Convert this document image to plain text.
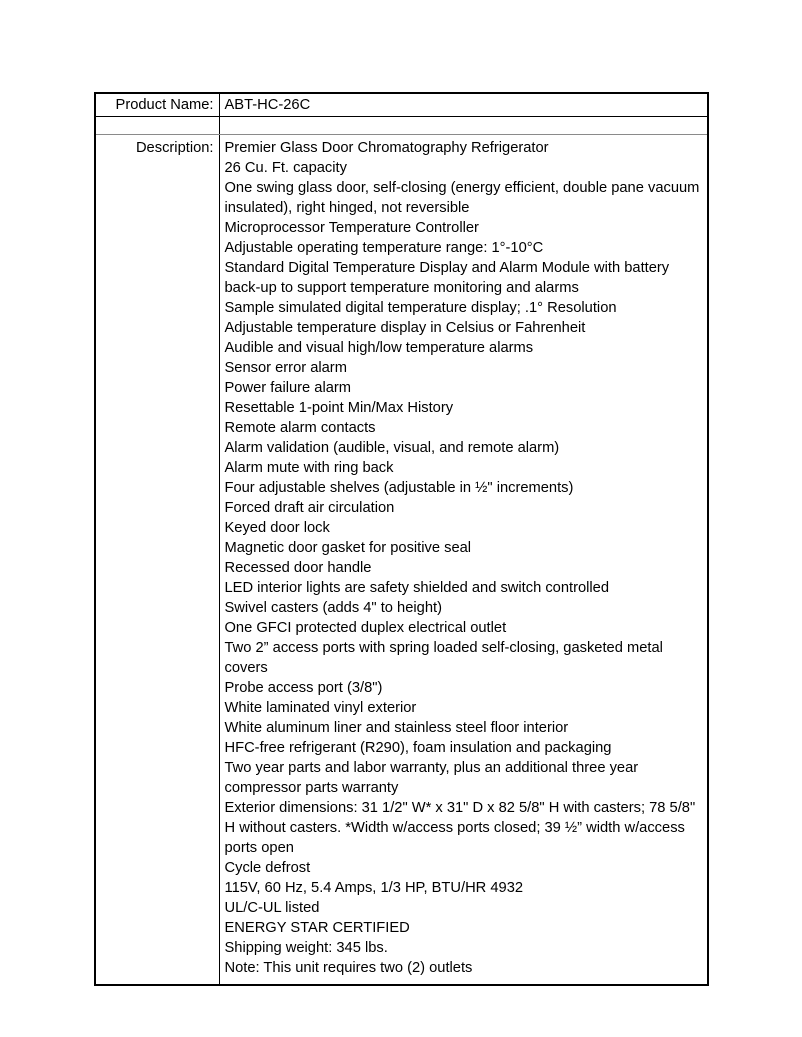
Product Name:	ABT-HC-26C

Description:	Premier Glass Door Chromatography Refrigerator
26 Cu. Ft. capacity
One swing glass door, self-closing (energy efficient, double pane vacuum insulated), right hinged, not reversible
Microprocessor Temperature Controller
Adjustable operating temperature range: 1°-10°C
Standard Digital Temperature Display and Alarm Module with battery back-up to support temperature monitoring and alarms
Sample simulated digital temperature display; .1° Resolution
Adjustable temperature display in Celsius or Fahrenheit
Audible and visual high/low temperature alarms
Sensor error alarm
Power failure alarm
Resettable 1-point Min/Max History
Remote alarm contacts
Alarm validation (audible, visual, and remote alarm)
Alarm mute with ring back
Four adjustable shelves (adjustable in ½" increments)
Forced draft air circulation
Keyed door lock
Magnetic door gasket for positive seal
Recessed door handle
LED interior lights are safety shielded and switch controlled
Swivel casters (adds 4" to height)
One GFCI protected duplex electrical outlet
Two 2” access ports with spring loaded self-closing, gasketed metal covers
Probe access port (3/8")
White laminated vinyl exterior
White aluminum liner and stainless steel floor interior
HFC-free refrigerant (R290), foam insulation and packaging
Two year parts and labor warranty, plus an additional three year compressor parts warranty
Exterior dimensions: 31 1/2" W* x 31" D x 82 5/8" H with casters; 78 5/8" H without casters. *Width w/access ports closed; 39 ½” width w/access ports open
Cycle defrost
115V, 60 Hz, 5.4 Amps, 1/3 HP, BTU/HR 4932
UL/C-UL listed
ENERGY STAR CERTIFIED
Shipping weight: 345 lbs.
Note: This unit requires two (2) outlets
